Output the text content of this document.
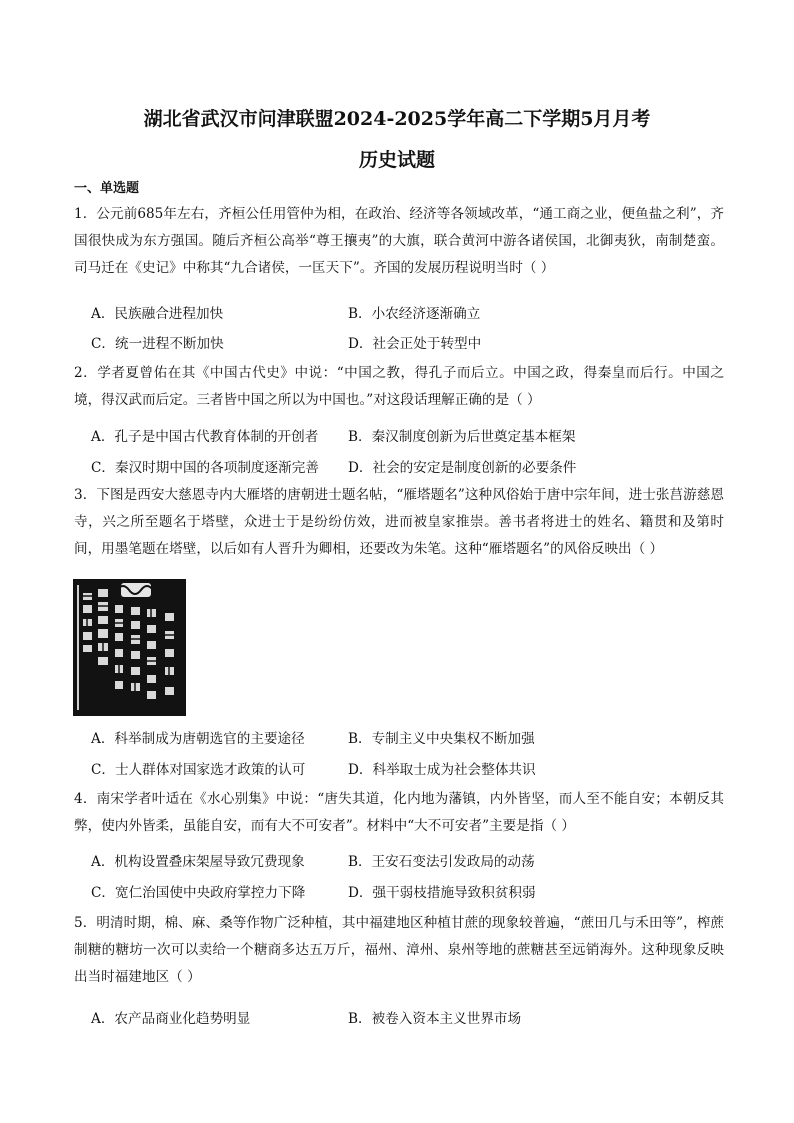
湖北省武汉市问津联盟2024-2025学年高二下学期5月月考
历史试题
一、单选题

1．公元前685年左右，齐桓公任用管仲为相，在政治、经济等各领域改革，“通工商之业，便鱼盐之利”，齐国很快成为东方强国。随后齐桓公高举“尊王攘夷”的大旗，联合黄河中游各诸侯国，北御夷狄，南制楚蛮。司马迁在《史记》中称其“九合诸侯，一匡天下”。齐国的发展历程说明当时（ ）

A．民族融合进程加快	B．小农经济逐渐确立
C．统一进程不断加快	D．社会正处于转型中

2．学者夏曾佑在其《中国古代史》中说：“中国之教，得孔子而后立。中国之政，得秦皇而后行。中国之境，得汉武而后定。三者皆中国之所以为中国也。”对这段话理解正确的是（ ）

A．孔子是中国古代教育体制的开创者	B．秦汉制度创新为后世奠定基本框架
C．秦汉时期中国的各项制度逐渐完善	D．社会的安定是制度创新的必要条件

3．下图是西安大慈恩寺内大雁塔的唐朝进士题名帖，“雁塔题名”这种风俗始于唐中宗年间，进士张莒游慈恩寺，兴之所至题名于塔壁，众进士于是纷纷仿效，进而被皇家推崇。善书者将进士的姓名、籍贯和及第时间，用墨笔题在塔壁，以后如有人晋升为卿相，还要改为朱笔。这种“雁塔题名”的风俗反映出（ ）

A．科举制成为唐朝选官的主要途径	B．专制主义中央集权不断加强
C．士人群体对国家选才政策的认可	D．科举取士成为社会整体共识

4．南宋学者叶适在《水心别集》中说：“唐失其道，化内地为藩镇，内外皆坚，而人至不能自安；本朝反其弊，使内外皆柔，虽能自安，而有大不可安者”。材料中“大不可安者”主要是指（ ）

A．机构设置叠床架屋导致冗费现象	B．王安石变法引发政局的动荡
C．宽仁治国使中央政府掌控力下降	D．强干弱枝措施导致积贫积弱

5．明清时期，棉、麻、桑等作物广泛种植，其中福建地区种植甘蔗的现象较普遍，“蔗田几与禾田等”，榨蔗制糖的糖坊一次可以卖给一个糖商多达五万斤，福州、漳州、泉州等地的蔗糖甚至远销海外。这种现象反映出当时福建地区（ ）

A．农产品商业化趋势明显	B．被卷入资本主义世界市场
